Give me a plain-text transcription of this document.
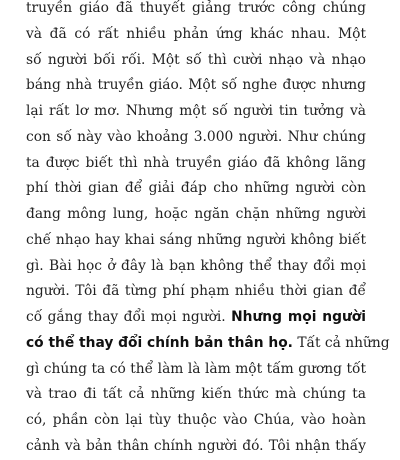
truyền giáo đã thuyết giảng trước công chúng
và đã có rất nhiều phản ứng khác nhau. Một
số người bối rối. Một số thì cười nhạo và nhạo
báng nhà truyền giáo. Một số nghe được nhưng
lại rất lơ mơ. Nhưng một số người tin tưởng và
con số này vào khoảng 3.000 người. Như chúng
ta được biết thì nhà truyền giáo đã không lãng
phí thời gian để giải đáp cho những người còn
đang mông lung, hoặc ngăn chặn những người
chế nhạo hay khai sáng những người không biết
gì. Bài học ở đây là bạn không thể thay đổi mọi
người. Tôi đã từng phí phạm nhiều thời gian để
cố gắng thay đổi mọi người. Nhưng mọi người
có thể thay đổi chính bản thân họ. Tất cả những
gì chúng ta có thể làm là làm một tấm gương tốt
và trao đi tất cả những kiến thức mà chúng ta
có, phần còn lại tùy thuộc vào Chúa, vào hoàn
cảnh và bản thân chính người đó. Tôi nhận thấy
